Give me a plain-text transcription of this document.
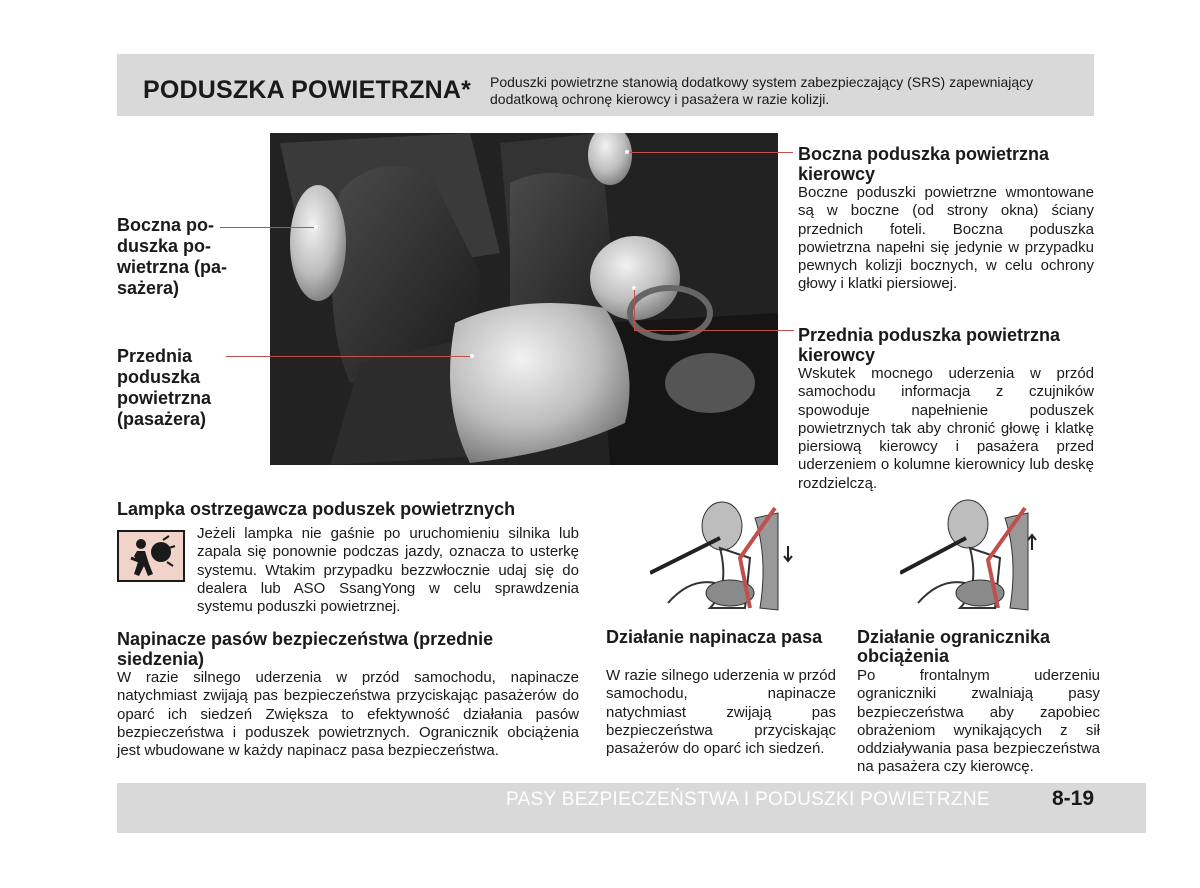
PODUSZKA POWIETRZNA* Poduszki powietrzne stanowią dodatkowy system zabezpieczający (SRS) zapewniający dodatkową ochronę kierowcy i pasażera w razie kolizji.
Boczna po-duszka po-wietrzna (pa-sażera)
Przednia poduszka powietrzna (pasażera)
Boczna poduszka powietrzna kierowcy
Boczne poduszki powietrzne wmontowane są w boczne (od strony okna) ściany przednich foteli. Boczna poduszka powietrzna napełni się jedynie w przypadku pewnych kolizji bocznych, w celu ochrony głowy i klatki piersiowej.
Przednia poduszka powietrzna kierowcy
Wskutek mocnego uderzenia w przód samochodu informacja z czujników spowoduje napełnienie poduszek powietrznych tak aby chronić głowę i klatkę piersiową kierowcy i pasażera przed uderzeniem o kolumne kierownicy lub deskę rozdzielczą.
Lampka ostrzegawcza poduszek powietrznych
Jeżeli lampka nie gaśnie po uruchomieniu silnika lub zapala się ponownie podczas jazdy, oznacza to usterkę systemu. Wtakim przypadku bezzwłocznie udaj się do dealera lub ASO SsangYong w celu sprawdzenia systemu poduszki powietrznej.
Napinacze pasów bezpieczeństwa (przednie siedzenia)
W razie silnego uderzenia w przód samochodu, napinacze natychmiast zwijają pas bezpieczeństwa przyciskając pasażerów do oparć ich siedzeń Zwiększa to efektywność działania pasów bezpieczeństwa i poduszek powietrznych. Ogranicznik obciążenia jest wbudowane w każdy napinacz pasa bezpieczeństwa.
Działanie napinacza pasa
W razie silnego uderzenia w przód samochodu, napinacze natychmiast zwijają pas bezpieczeństwa przyciskając pasażerów do oparć ich siedzeń.
Działanie ogranicznika obciążenia
Po frontalnym uderzeniu ograniczniki zwalniają pasy bezpieczeństwa aby zapobiec obrażeniom wynikających z sił oddziaływania pasa bezpieczeństwa na pasażera czy kierowcę.
PASY BEZPIECZEŃSTWA I PODUSZKI POWIETRZNE	8-19
